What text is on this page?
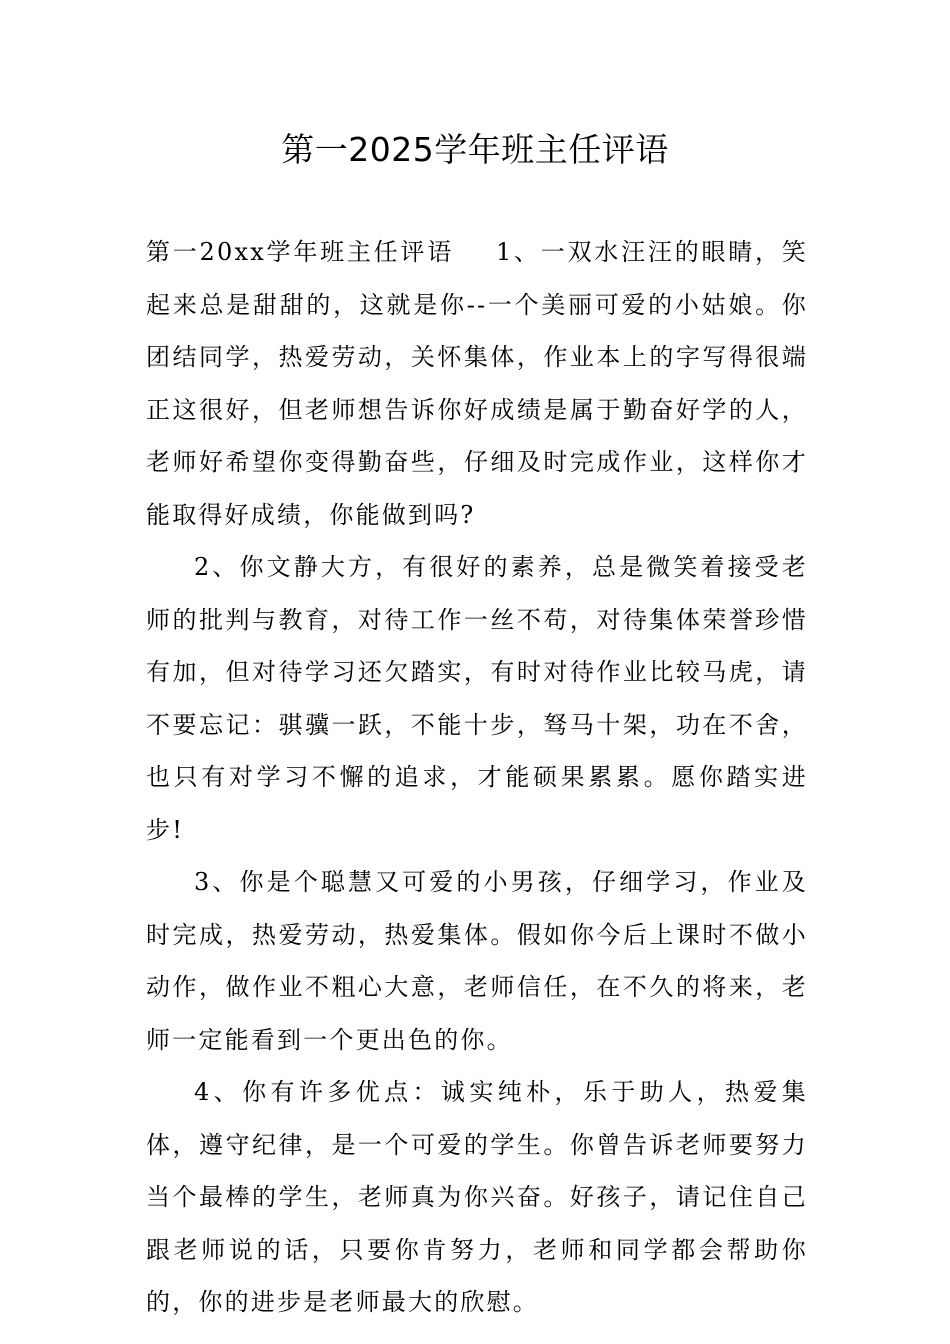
第一2025学年班主任评语

第一20xx学年班主任评语 1、一双水汪汪的眼睛，笑起来总是甜甜的，这就是你--一个美丽可爱的小姑娘。你团结同学，热爱劳动，关怀集体，作业本上的字写得很端正这很好，但老师想告诉你好成绩是属于勤奋好学的人，老师好希望你变得勤奋些，仔细及时完成作业，这样你才能取得好成绩，你能做到吗?

2、你文静大方，有很好的素养，总是微笑着接受老师的批判与教育，对待工作一丝不苟，对待集体荣誉珍惜有加，但对待学习还欠踏实，有时对待作业比较马虎，请不要忘记：骐骥一跃，不能十步，驽马十架，功在不舍，也只有对学习不懈的追求，才能硕果累累。愿你踏实进步!

3、你是个聪慧又可爱的小男孩，仔细学习，作业及时完成，热爱劳动，热爱集体。假如你今后上课时不做小动作，做作业不粗心大意，老师信任，在不久的将来，老师一定能看到一个更出色的你。

4、你有许多优点：诚实纯朴，乐于助人，热爱集体，遵守纪律，是一个可爱的学生。你曾告诉老师要努力当个最棒的学生，老师真为你兴奋。好孩子，请记住自己跟老师说的话，只要你肯努力，老师和同学都会帮助你的，你的进步是老师最大的欣慰。
